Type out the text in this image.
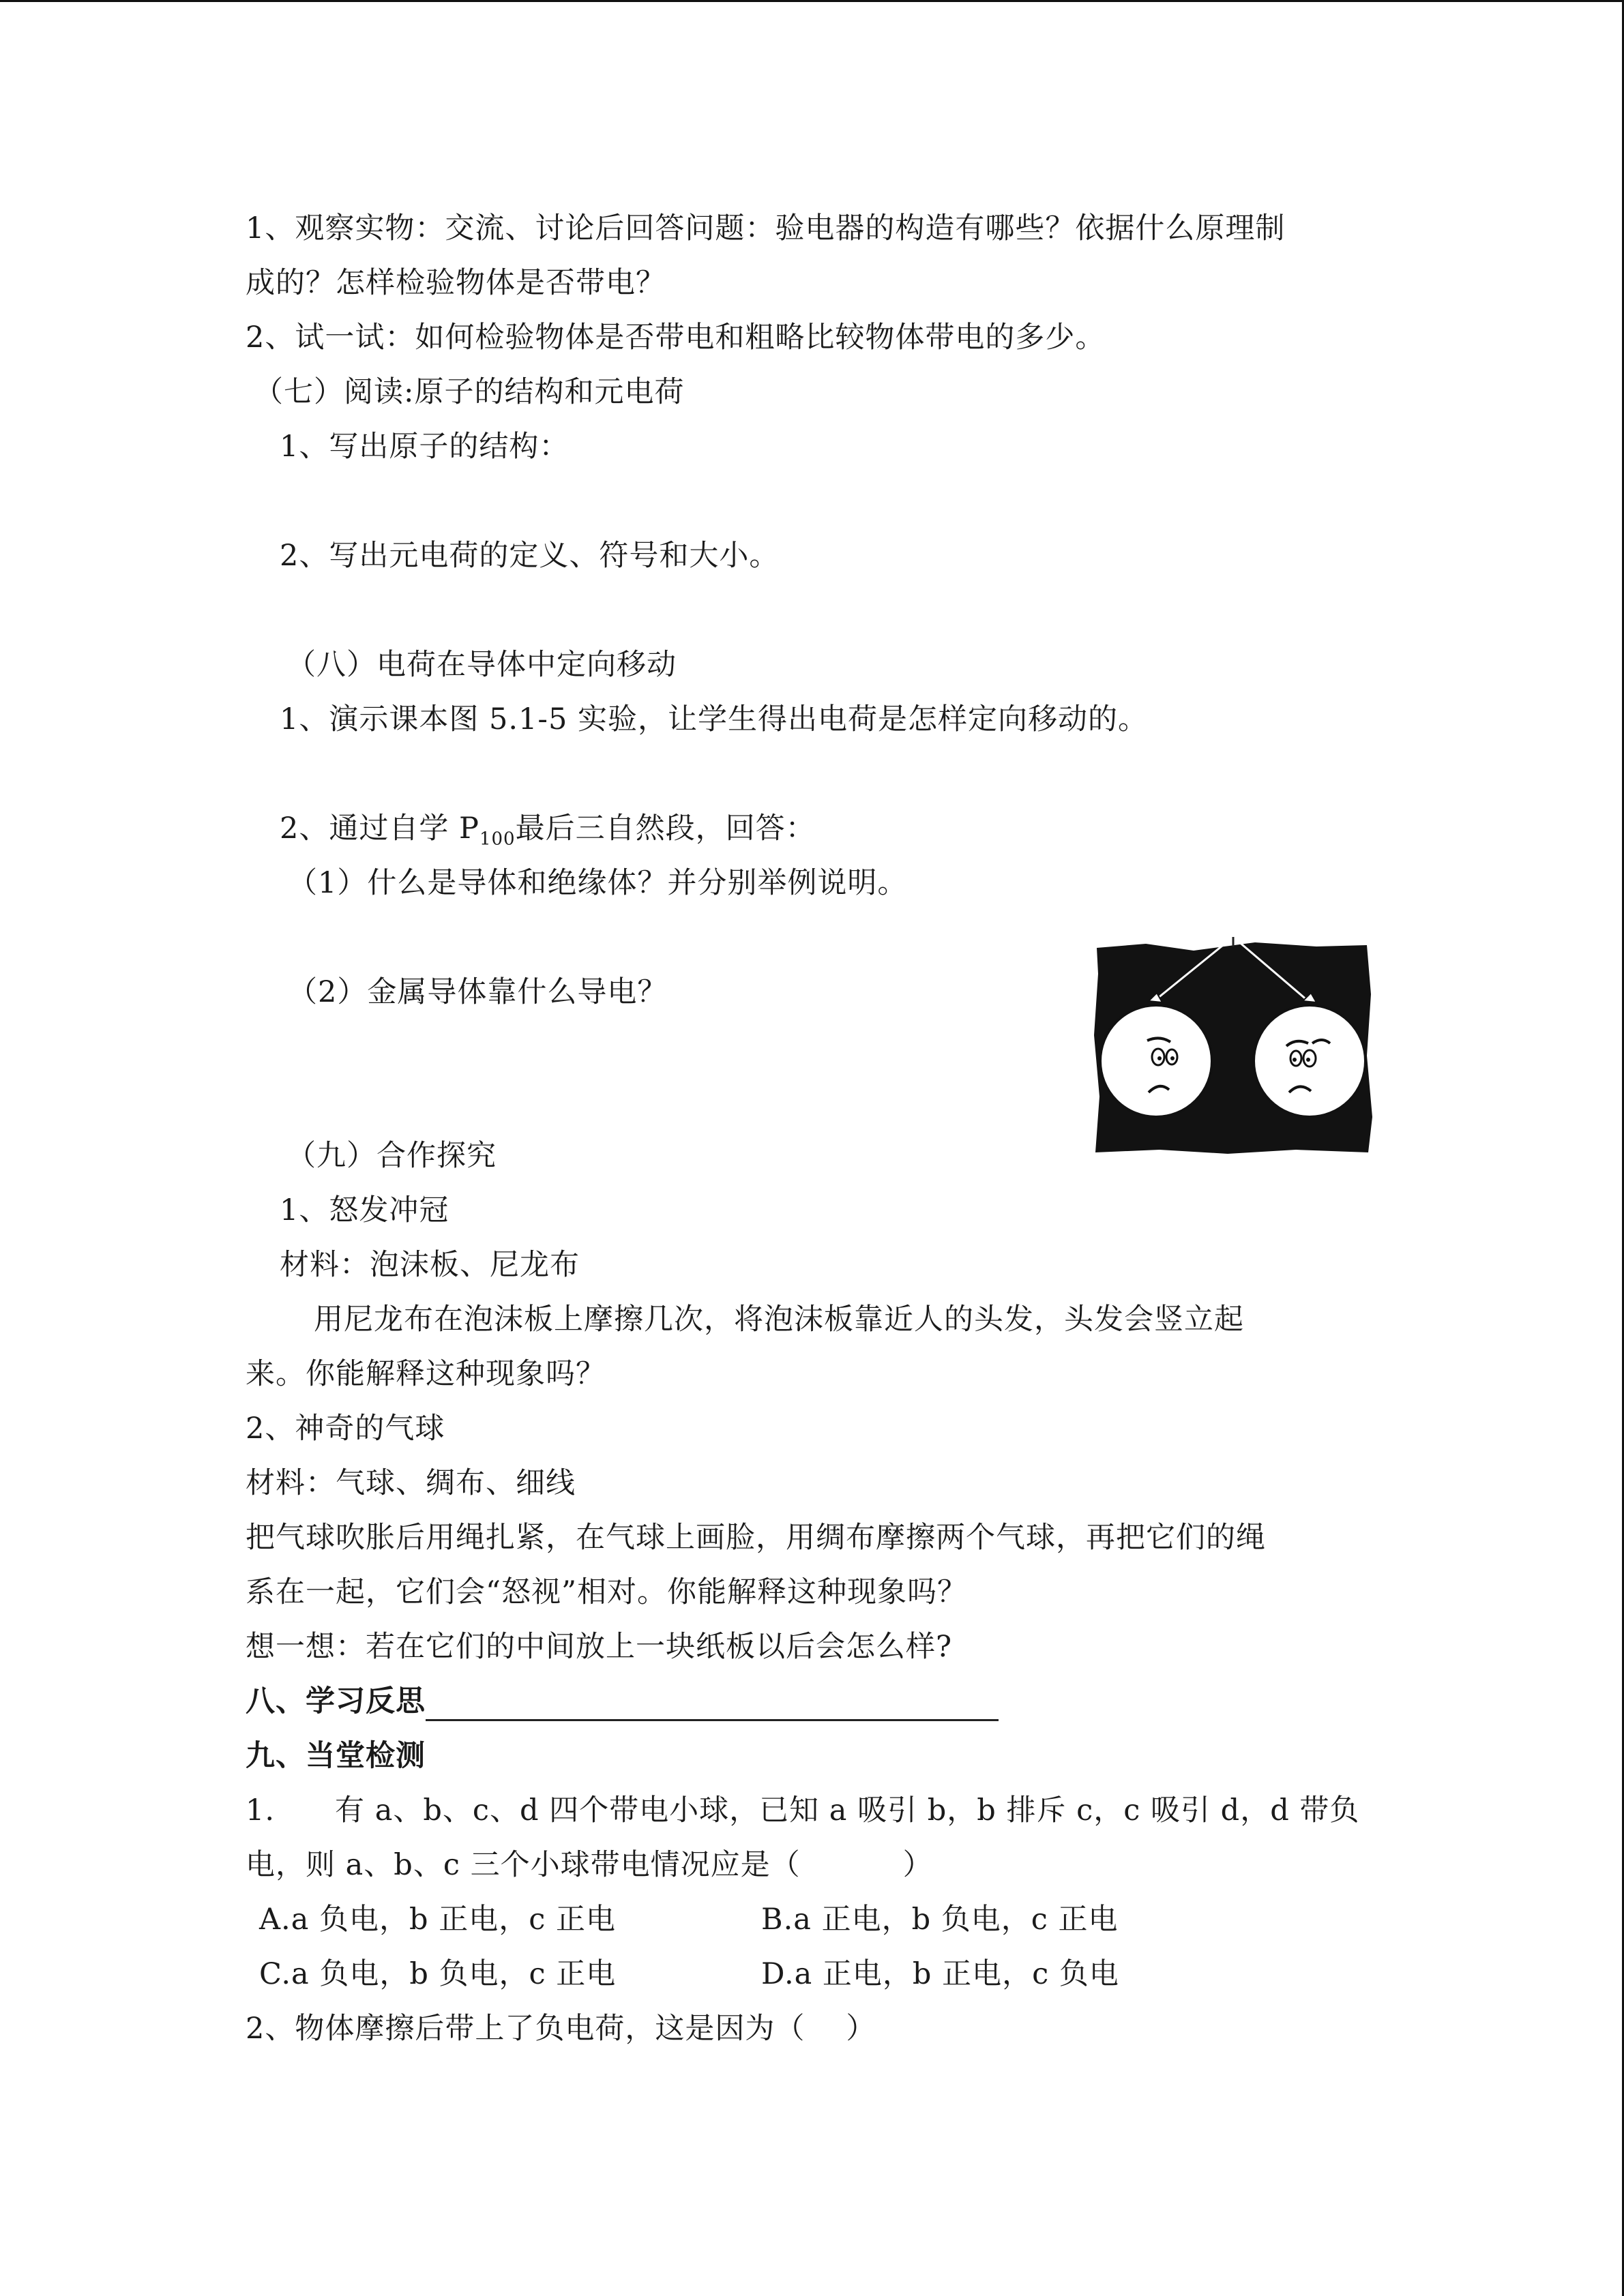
1、观察实物：交流、讨论后回答问题：验电器的构造有哪些？依据什么原理制
成的？怎样检验物体是否带电？
2、试一试：如何检验物体是否带电和粗略比较物体带电的多少。
（七）阅读:原子的结构和元电荷
1、写出原子的结构：
2、写出元电荷的定义、符号和大小。
（八）电荷在导体中定向移动
1、演示课本图 5.1-5 实验，让学生得出电荷是怎样定向移动的。
2、通过自学 $P_{100}$最后三自然段，回答：
（1）什么是导体和绝缘体？并分别举例说明。
（2）金属导体靠什么导电？
（九）合作探究
1、怒发冲冠
材料：泡沫板、尼龙布
用尼龙布在泡沫板上摩擦几次，将泡沫板靠近人的头发，头发会竖立起
来。你能解释这种现象吗？
2、神奇的气球
材料：气球、绸布、细线
把气球吹胀后用绳扎紧，在气球上画脸，用绸布摩擦两个气球，再把它们的绳
系在一起，它们会“怒视”相对。你能解释这种现象吗？
想一想：若在它们的中间放上一块纸板以后会怎么样?
八、学习反思
九、当堂检测
1.　　有 a、b、c、d 四个带电小球，已知 a 吸引 b，b 排斥 c，c 吸引 d，d 带负
电，则 a、b、c 三个小球带电情况应是（	）
A.a 负电，b 正电，c 正电	B.a 正电，b 负电，c 正电
C.a 负电，b 负电，c 正电	D.a 正电，b 正电，c 负电
2、物体摩擦后带上了负电荷，这是因为（ ）
